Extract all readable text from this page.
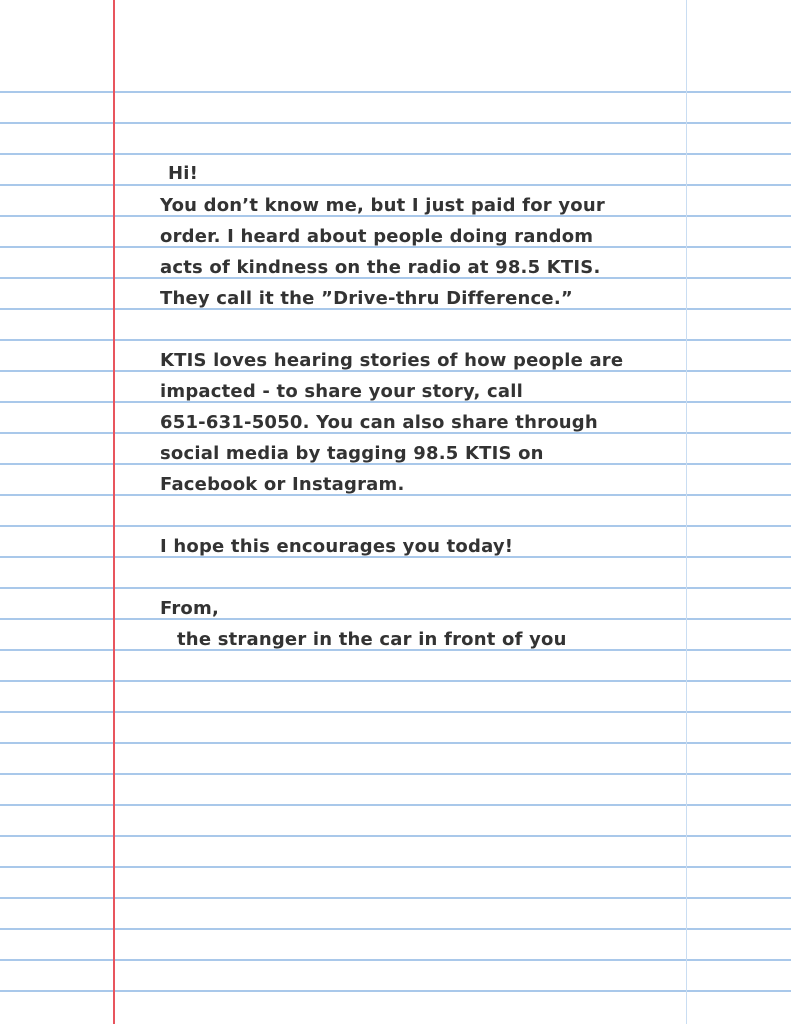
Hi!
You don’t know me, but I just paid for your
order. I heard about people doing random
acts of kindness on the radio at 98.5 KTIS.
They call it the ”Drive-thru Difference.”
KTIS loves hearing stories of how people are
impacted - to share your story, call
651-631-5050. You can also share through
social media by tagging 98.5 KTIS on
Facebook or Instagram.
I hope this encourages you today!
From,
the stranger in the car in front of you
